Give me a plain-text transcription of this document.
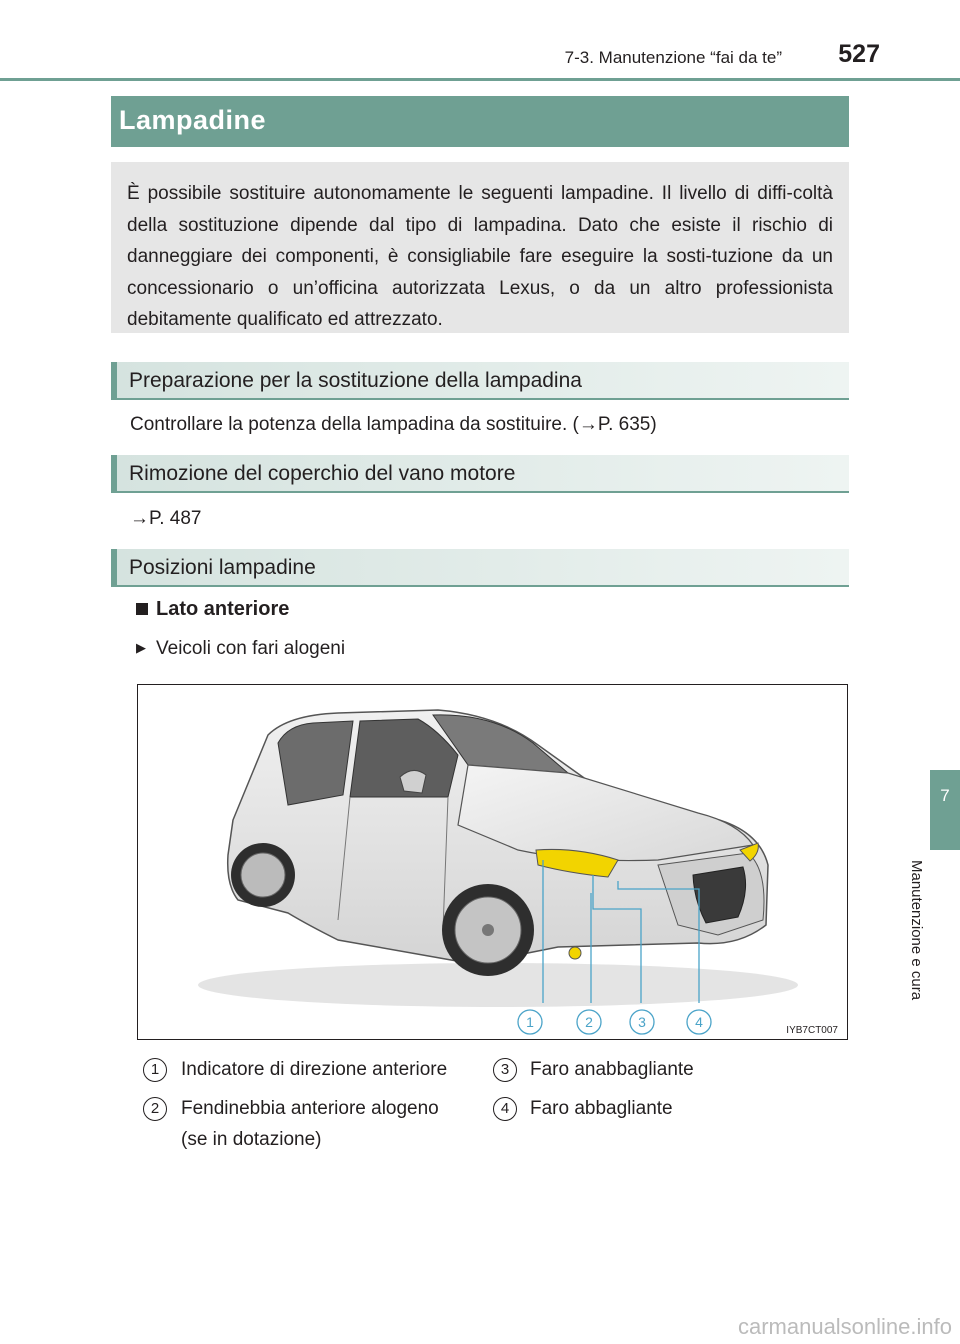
7-3. Manutenzione “fai da te” 527
Lampadine
È possibile sostituire autonomamente le seguenti lampadine. Il livello di diffi-coltà della sostituzione dipende dal tipo di lampadina. Dato che esiste il rischio di danneggiare dei componenti, è consigliabile fare eseguire la sosti-tuzione da un concessionario o un’officina autorizzata Lexus, o da un altro professionista debitamente qualificato ed attrezzato.
Preparazione per la sostituzione della lampadina
Controllare la potenza della lampadina da sostituire. (→P. 635)
Rimozione del coperchio del vano motore
→P. 487
Posizioni lampadine
Lato anteriore
▶ Veicoli con fari alogeni
1	2	3	4
IYB7CT007
1	Indicatore di direzione anteriore
2	Fendinebbia anteriore alogeno
(se in dotazione)
3	Faro anabbagliante
4	Faro abbagliante
7
Manutenzione e cura
carmanualsonline.info
